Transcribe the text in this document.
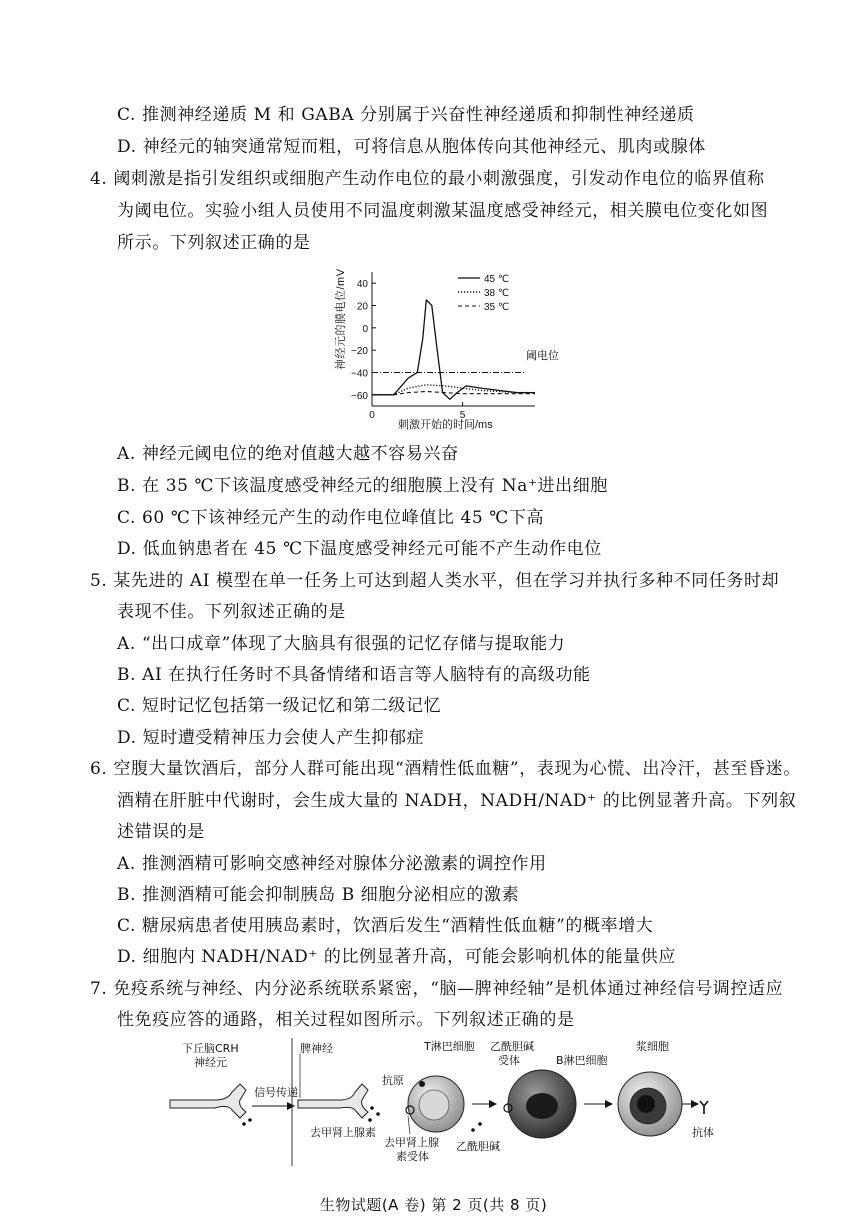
C. 推测神经递质 M 和 GABA 分别属于兴奋性神经递质和抑制性神经递质
D. 神经元的轴突通常短而粗，可将信息从胞体传向其他神经元、肌肉或腺体
4. 阈刺激是指引发组织或细胞产生动作电位的最小刺激强度，引发动作电位的临界值称
为阈电位。实验小组人员使用不同温度刺激某温度感受神经元，相关膜电位变化如图
所示。下列叙述正确的是
40
20
0
−20
−40
−60
0	5
45 ℃
38 ℃
35 ℃
神经元的膜电位/mV
刺激开始的时间/ms
阈电位
A. 神经元阈电位的绝对值越大越不容易兴奋
B. 在 35 ℃下该温度感受神经元的细胞膜上没有 Na⁺进出细胞
C. 60 ℃下该神经元产生的动作电位峰值比 45 ℃下高
D. 低血钠患者在 45 ℃下温度感受神经元可能不产生动作电位
5. 某先进的 AI 模型在单一任务上可达到超人类水平，但在学习并执行多种不同任务时却
表现不佳。下列叙述正确的是
A. “出口成章”体现了大脑具有很强的记忆存储与提取能力
B. AI 在执行任务时不具备情绪和语言等人脑特有的高级功能
C. 短时记忆包括第一级记忆和第二级记忆
D. 短时遭受精神压力会使人产生抑郁症
6. 空腹大量饮酒后，部分人群可能出现“酒精性低血糖”，表现为心慌、出冷汗，甚至昏迷。
酒精在肝脏中代谢时，会生成大量的 NADH，NADH/NAD⁺ 的比例显著升高。下列叙
述错误的是
A. 推测酒精可影响交感神经对腺体分泌激素的调控作用
B. 推测酒精可能会抑制胰岛 B 细胞分泌相应的激素
C. 糖尿病患者使用胰岛素时，饮酒后发生“酒精性低血糖”的概率增大
D. 细胞内 NADH/NAD⁺ 的比例显著升高，可能会影响机体的能量供应
7. 免疫系统与神经、内分泌系统联系紧密，“脑—脾神经轴”是机体通过神经信号调控适应
性免疫应答的通路，相关过程如图所示。下列叙述正确的是
下丘脑CRH
神经元
信号传递
脾神经
去甲肾上腺素
T淋巴细胞
抗原
去甲肾上腺
素受体
乙酰胆碱
乙酰胆碱
受体	B淋巴细胞
浆细胞
抗体
生物试题(A 卷) 第 2 页(共 8 页)
